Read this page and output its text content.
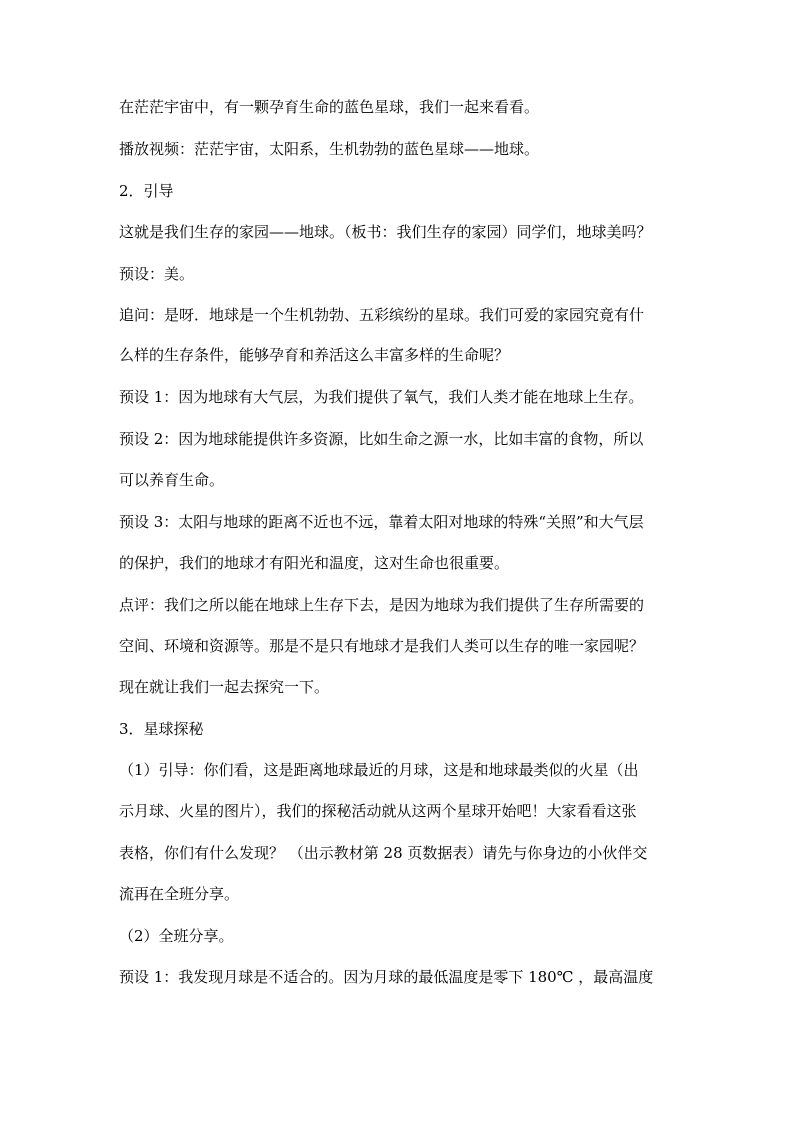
在茫茫宇宙中，有一颗孕育生命的蓝色星球，我们一起来看看。
播放视频：茫茫宇宙，太阳系，生机勃勃的蓝色星球——地球。
2．引导
这就是我们生存的家园——地球。（板书：我们生存的家园）同学们，地球美吗？
预设：美。
追问：是呀．地球是一个生机勃勃、五彩缤纷的星球。我们可爱的家园究竟有什
么样的生存条件，能够孕育和养活这么丰富多样的生命呢？
预设 1：因为地球有大气层，为我们提供了氧气，我们人类才能在地球上生存。
预设 2：因为地球能提供许多资源，比如生命之源一水，比如丰富的食物，所以
可以养育生命。
预设 3：太阳与地球的距离不近也不远，靠着太阳对地球的特殊“关照”和大气层
的保护，我们的地球才有阳光和温度，这对生命也很重要。
点评：我们之所以能在地球上生存下去，是因为地球为我们提供了生存所需要的
空间、环境和资源等。那是不是只有地球才是我们人类可以生存的唯一家园呢？
现在就让我们一起去探究一下。
3．星球探秘
（1）引导：你们看，这是距离地球最近的月球，这是和地球最类似的火星（出
示月球、火星的图片），我们的探秘活动就从这两个星球开始吧！大家看看这张
表格，你们有什么发现？ （出示教材第 28 页数据表）请先与你身边的小伙伴交
流再在全班分享。
（2）全班分享。
预设 1：我发现月球是不适合的。因为月球的最低温度是零下 180℃ ，最高温度
